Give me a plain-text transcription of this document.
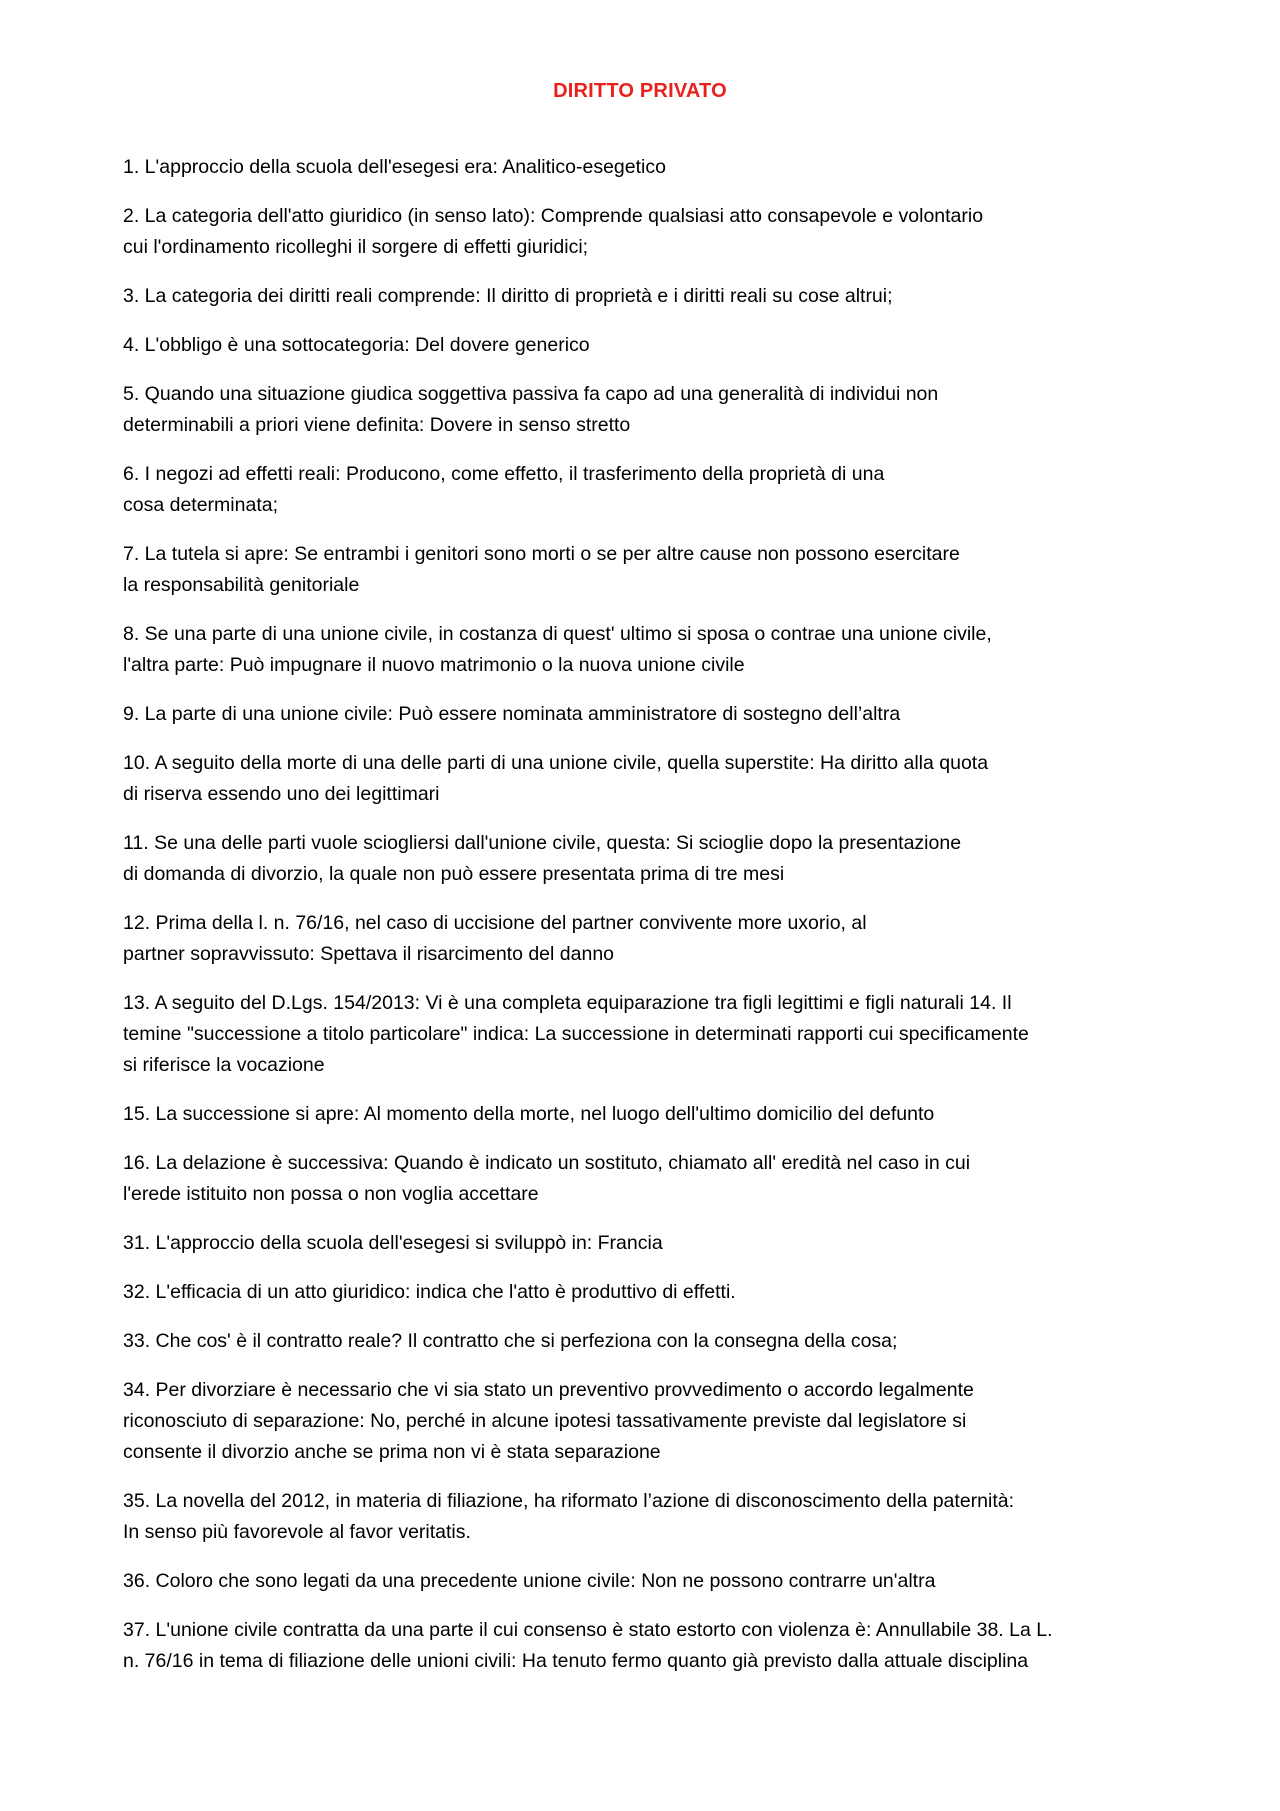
DIRITTO PRIVATO
1. L'approccio della scuola dell'esegesi era: Analitico-esegetico
2. La categoria dell'atto giuridico (in senso lato): Comprende qualsiasi atto consapevole e volontario
cui l'ordinamento ricolleghi il sorgere di effetti giuridici;
3. La categoria dei diritti reali comprende: Il diritto di proprietà e i diritti reali su cose altrui;
4. L'obbligo è una sottocategoria: Del dovere generico
5. Quando una situazione giudica soggettiva passiva fa capo ad una generalità di individui non
determinabili a priori viene definita: Dovere in senso stretto
6. I negozi ad effetti reali: Producono, come effetto, il trasferimento della proprietà di una
cosa determinata;
7. La tutela si apre: Se entrambi i genitori sono morti o se per altre cause non possono esercitare
la responsabilità genitoriale
8. Se una parte di una unione civile, in costanza di quest' ultimo si sposa o contrae una unione civile,
l'altra parte: Può impugnare il nuovo matrimonio o la nuova unione civile
9. La parte di una unione civile: Può essere nominata amministratore di sostegno dell’altra
10. A seguito della morte di una delle parti di una unione civile, quella superstite: Ha diritto alla quota
di riserva essendo uno dei legittimari
11. Se una delle parti vuole sciogliersi dall'unione civile, questa: Si scioglie dopo la presentazione
di domanda di divorzio, la quale non può essere presentata prima di tre mesi
12. Prima della l. n. 76/16, nel caso di uccisione del partner convivente more uxorio, al
partner sopravvissuto: Spettava il risarcimento del danno
13. A seguito del D.Lgs. 154/2013: Vi è una completa equiparazione tra figli legittimi e figli naturali 14. Il
temine "successione a titolo particolare" indica: La successione in determinati rapporti cui specificamente
si riferisce la vocazione
15. La successione si apre: Al momento della morte, nel luogo dell'ultimo domicilio del defunto
16. La delazione è successiva: Quando è indicato un sostituto, chiamato all' eredità nel caso in cui
l'erede istituito non possa o non voglia accettare
31. L'approccio della scuola dell'esegesi si sviluppò in: Francia
32. L'efficacia di un atto giuridico: indica che l'atto è produttivo di effetti.
33. Che cos' è il contratto reale? Il contratto che si perfeziona con la consegna della cosa;
34. Per divorziare è necessario che vi sia stato un preventivo provvedimento o accordo legalmente
riconosciuto di separazione: No, perché in alcune ipotesi tassativamente previste dal legislatore si
consente il divorzio anche se prima non vi è stata separazione
35. La novella del 2012, in materia di filiazione, ha riformato l’azione di disconoscimento della paternità:
In senso più favorevole al favor veritatis.
36. Coloro che sono legati da una precedente unione civile: Non ne possono contrarre un'altra
37. L'unione civile contratta da una parte il cui consenso è stato estorto con violenza è: Annullabile 38. La L.
n. 76/16 in tema di filiazione delle unioni civili: Ha tenuto fermo quanto già previsto dalla attuale disciplina
